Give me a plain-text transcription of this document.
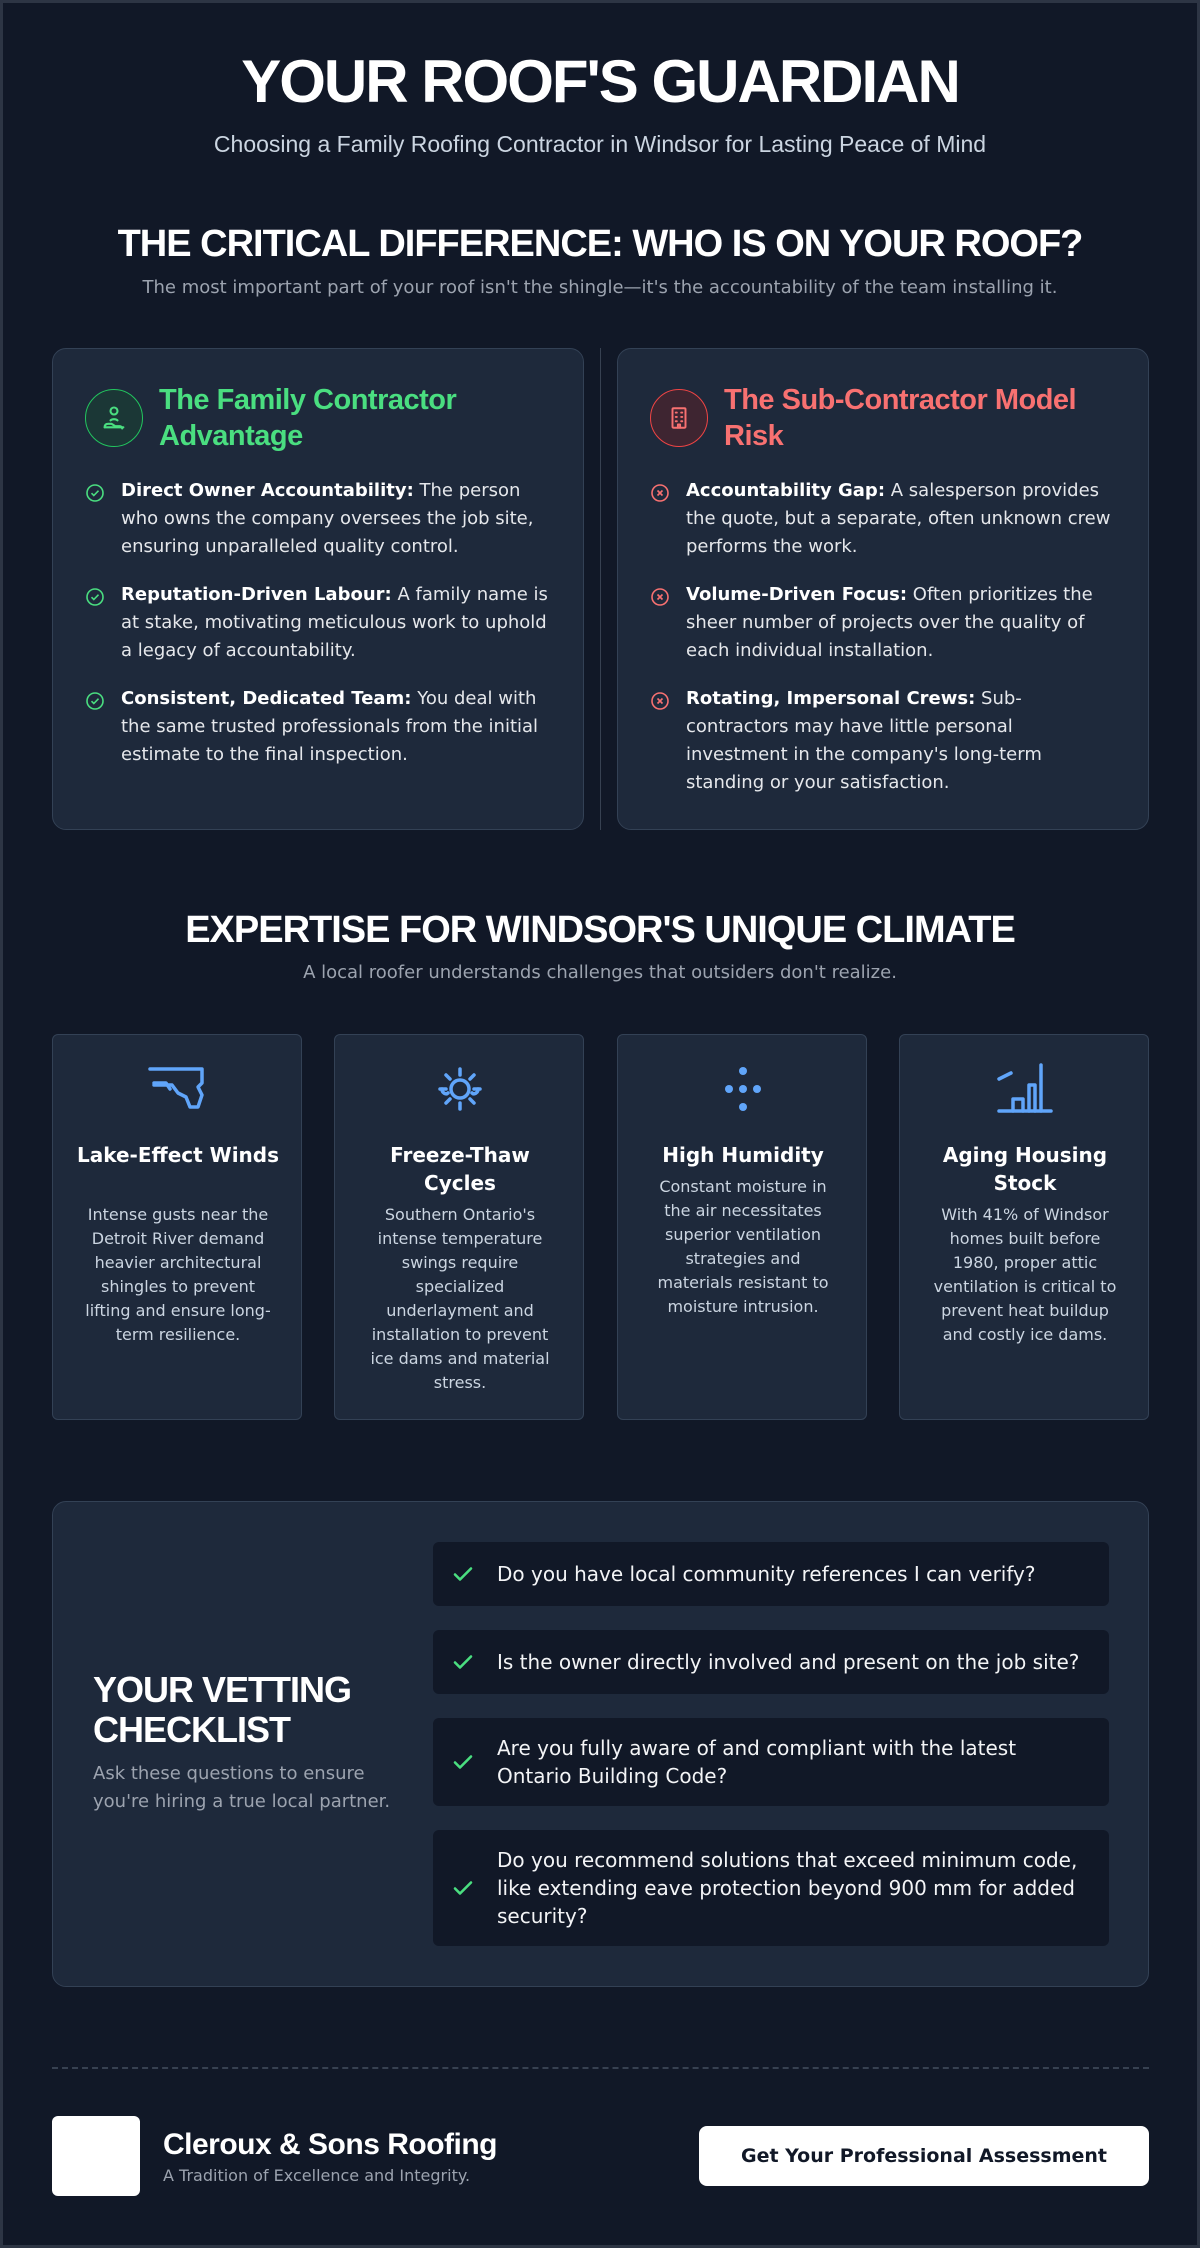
YOUR ROOF'S GUARDIAN
Choosing a Family Roofing Contractor in Windsor for Lasting Peace of Mind
THE CRITICAL DIFFERENCE: WHO IS ON YOUR ROOF?
The most important part of your roof isn't the shingle—it's the accountability of the team installing it.
The Family Contractor Advantage
Direct Owner Accountability: The person who owns the company oversees the job site, ensuring unparalleled quality control.
Reputation-Driven Labour: A family name is at stake, motivating meticulous work to uphold a legacy of accountability.
Consistent, Dedicated Team: You deal with the same trusted professionals from the initial estimate to the final inspection.
The Sub-Contractor Model Risk
Accountability Gap: A salesperson provides the quote, but a separate, often unknown crew performs the work.
Volume-Driven Focus: Often prioritizes the sheer number of projects over the quality of each individual installation.
Rotating, Impersonal Crews: Sub-contractors may have little personal investment in the company's long-term standing or your satisfaction.
EXPERTISE FOR WINDSOR'S UNIQUE CLIMATE
A local roofer understands challenges that outsiders don't realize.
Lake-Effect Winds
Intense gusts near the Detroit River demand heavier architectural shingles to prevent lifting and ensure long-term resilience.
Freeze-Thaw Cycles
Southern Ontario's intense temperature swings require specialized underlayment and installation to prevent ice dams and material stress.
High Humidity
Constant moisture in the air necessitates superior ventilation strategies and materials resistant to moisture intrusion.
Aging Housing Stock
With 41% of Windsor homes built before 1980, proper attic ventilation is critical to prevent heat buildup and costly ice dams.
YOUR VETTING CHECKLIST
Ask these questions to ensure you're hiring a true local partner.
Do you have local community references I can verify?
Is the owner directly involved and present on the job site?
Are you fully aware of and compliant with the latest Ontario Building Code?
Do you recommend solutions that exceed minimum code, like extending eave protection beyond 900 mm for added security?
Cleroux & Sons Roofing
A Tradition of Excellence and Integrity.
Get Your Professional Assessment
